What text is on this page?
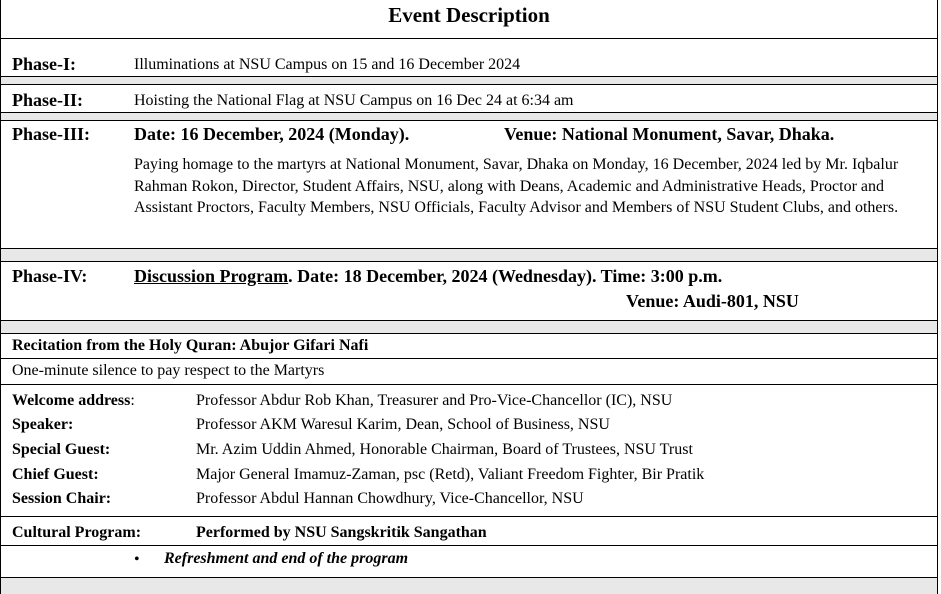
Event Description
Phase-I:	Illuminations at NSU Campus on 15 and 16 December 2024
Phase-II:	Hoisting the National Flag at NSU Campus on 16 Dec 24 at 6:34 am
Phase-III: Date: 16 December, 2024 (Monday).	Venue: National Monument, Savar, Dhaka.
Paying homage to the martyrs at National Monument, Savar, Dhaka on Monday, 16 December, 2024 led by Mr. Iqbalur Rahman Rokon, Director, Student Affairs, NSU, along with Deans, Academic and Administrative Heads, Proctor and Assistant Proctors, Faculty Members, NSU Officials, Faculty Advisor and Members of NSU Student Clubs, and others.
Phase-IV:	Discussion Program. Date: 18 December, 2024 (Wednesday). Time: 3:00 p.m.
Venue: Audi-801, NSU
Recitation from the Holy Quran: Abujor Gifari Nafi
One-minute silence to pay respect to the Martyrs
Welcome address:	Professor Abdur Rob Khan, Treasurer and Pro-Vice-Chancellor (IC), NSU
Speaker:	Professor AKM Waresul Karim, Dean, School of Business, NSU
Special Guest:	Mr. Azim Uddin Ahmed, Honorable Chairman, Board of Trustees, NSU Trust
Chief Guest:	Major General Imamuz-Zaman, psc (Retd), Valiant Freedom Fighter, Bir Pratik
Session Chair:	Professor Abdul Hannan Chowdhury, Vice-Chancellor, NSU
Cultural Program:	Performed by NSU Sangskritik Sangathan
• Refreshment and end of the program
